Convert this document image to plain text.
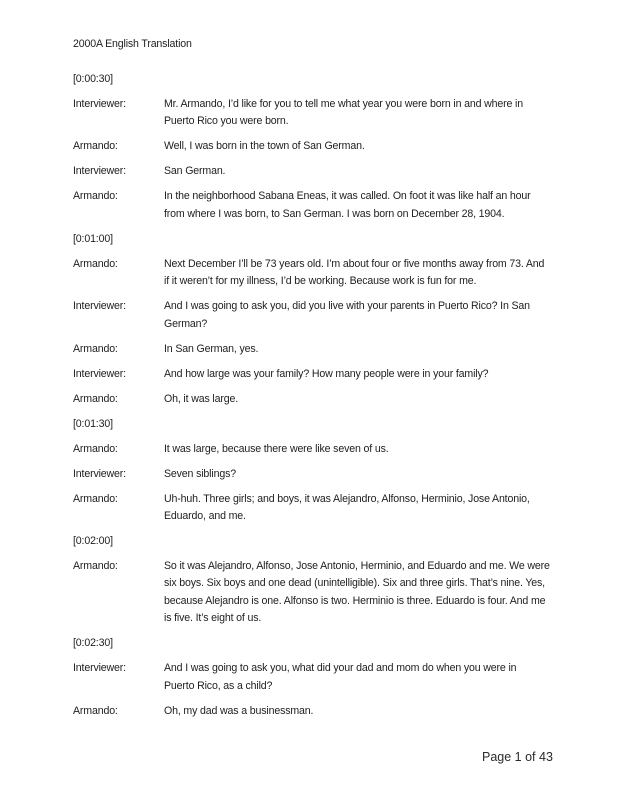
2000A English Translation
[0:00:30]
Interviewer:	Mr. Armando, I’d like for you to tell me what year you were born in and where in
Puerto Rico you were born.
Armando:	Well, I was born in the town of San German.
Interviewer:	San German.
Armando:	In the neighborhood Sabana Eneas, it was called. On foot it was like half an hour
from where I was born, to San German. I was born on December 28, 1904.
[0:01:00]
Armando:	Next December I’ll be 73 years old. I’m about four or five months away from 73. And
if it weren’t for my illness, I’d be working. Because work is fun for me.
Interviewer:	And I was going to ask you, did you live with your parents in Puerto Rico? In San
German?
Armando:	In San German, yes.
Interviewer:	And how large was your family? How many people were in your family?
Armando:	Oh, it was large.
[0:01:30]
Armando:	It was large, because there were like seven of us.
Interviewer:	Seven siblings?
Armando:	Uh-huh. Three girls; and boys, it was Alejandro, Alfonso, Herminio, Jose Antonio,
Eduardo, and me.
[0:02:00]
Armando:	So it was Alejandro, Alfonso, Jose Antonio, Herminio, and Eduardo and me. We were
six boys. Six boys and one dead (unintelligible). Six and three girls. That’s nine. Yes,
because Alejandro is one. Alfonso is two. Herminio is three. Eduardo is four. And me
is five. It’s eight of us.
[0:02:30]
Interviewer:	And I was going to ask you, what did your dad and mom do when you were in
Puerto Rico, as a child?
Armando:	Oh, my dad was a businessman.
Page 1 of 43
